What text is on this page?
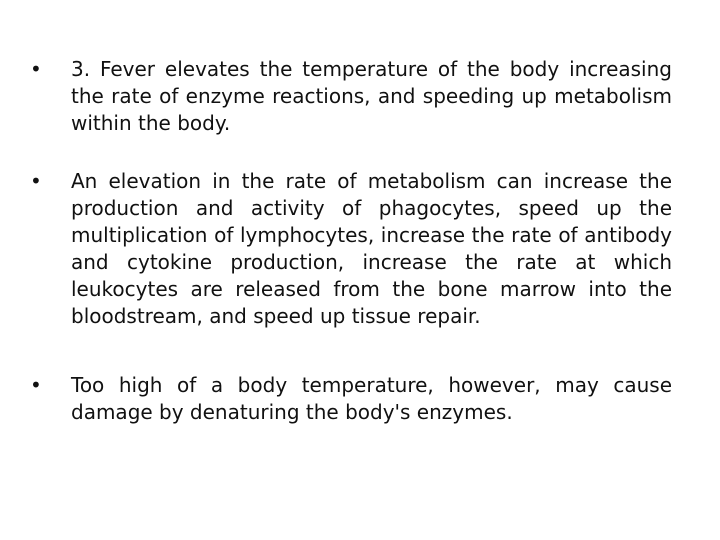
•	3. Fever elevates the temperature of the body increasing the rate of enzyme reactions, and speeding up metabolism within the body.
•	An elevation in the rate of metabolism can increase the production and activity of phagocytes, speed up the multiplication of lymphocytes, increase the rate of antibody and cytokine production, increase the rate at which leukocytes are released from the bone marrow into the bloodstream, and speed up tissue repair.
•	Too high of a body temperature, however, may cause damage by denaturing the body's enzymes.
